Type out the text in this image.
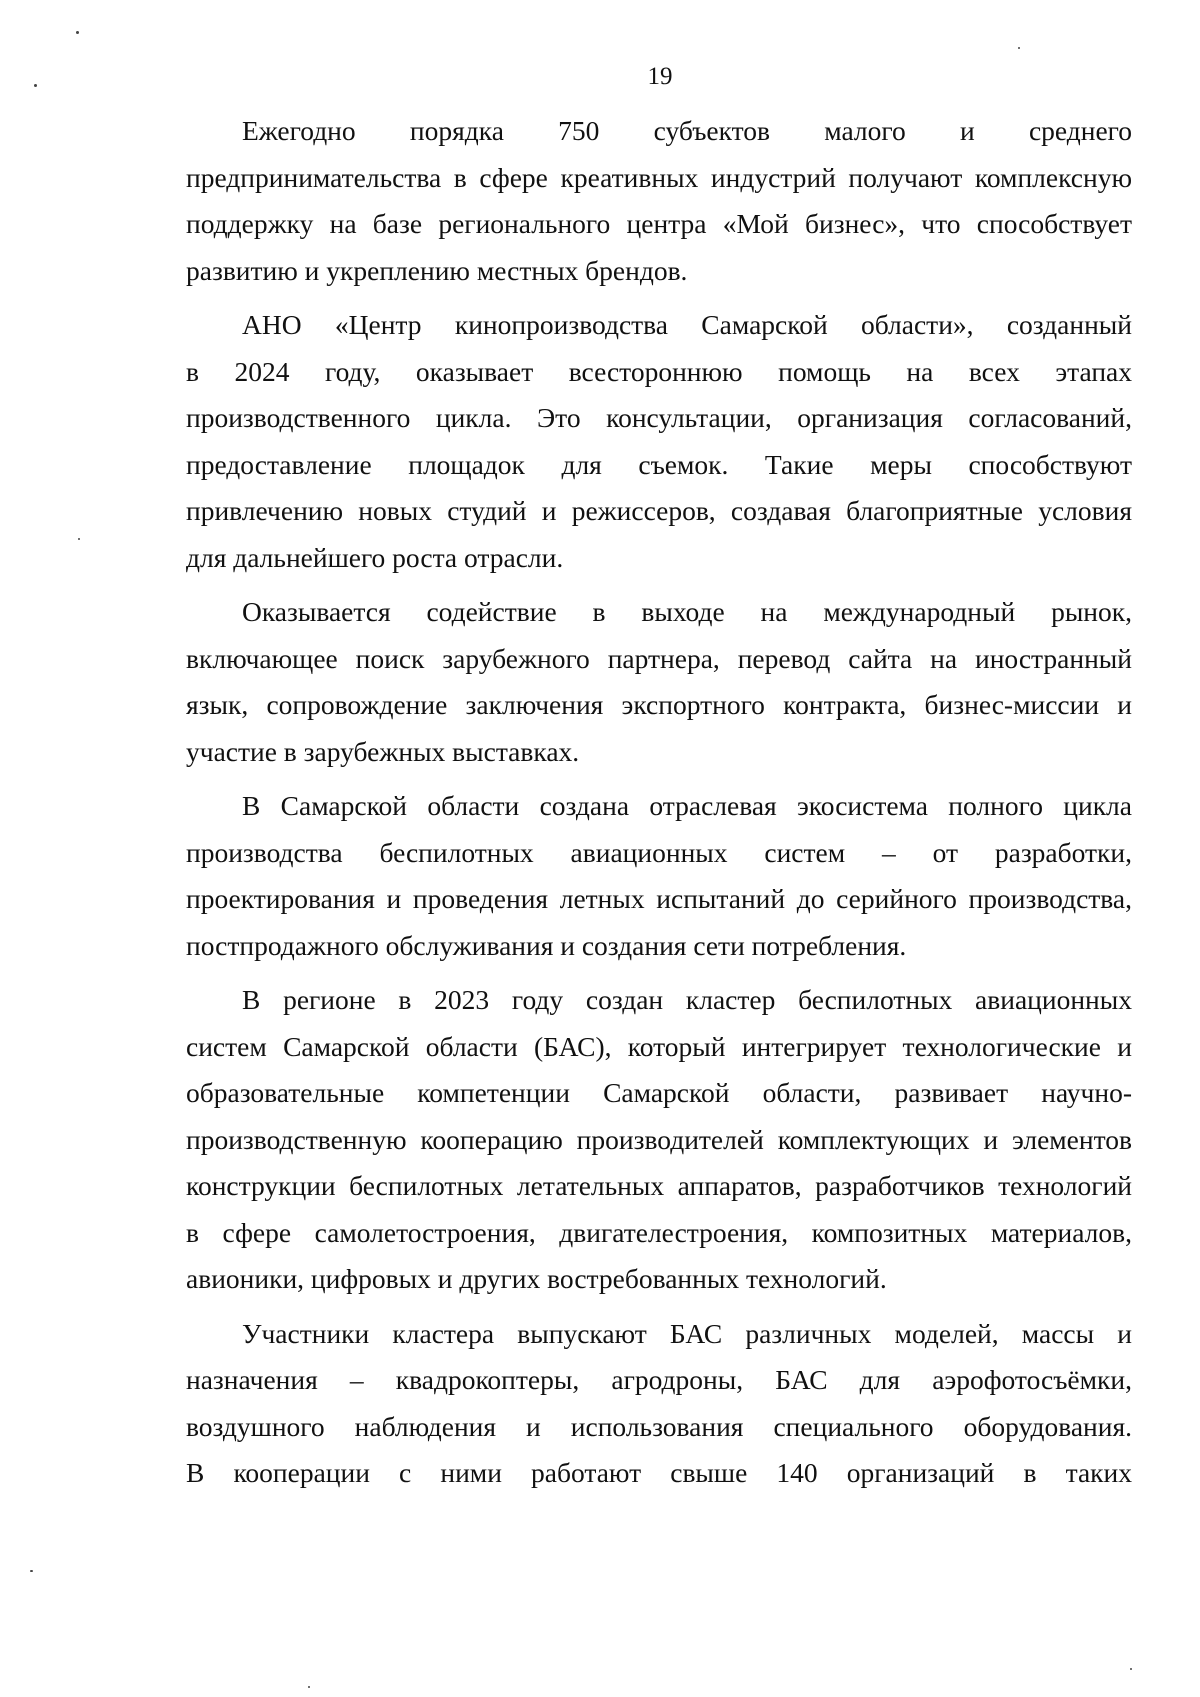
19

Ежегодно порядка 750 субъектов малого и среднего
предпринимательства в сфере креативных индустрий получают комплексную
поддержку на базе регионального центра «Мой бизнес», что способствует
развитию и укреплению местных брендов.

АНО «Центр кинопроизводства Самарской области», созданный
в 2024 году, оказывает всестороннюю помощь на всех этапах
производственного цикла. Это консультации, организация согласований,
предоставление площадок для съемок. Такие меры способствуют
привлечению новых студий и режиссеров, создавая благоприятные условия
для дальнейшего роста отрасли.

Оказывается содействие в выходе на международный рынок,
включающее поиск зарубежного партнера, перевод сайта на иностранный
язык, сопровождение заключения экспортного контракта, бизнес-миссии и
участие в зарубежных выставках.

В Самарской области создана отраслевая экосистема полного цикла
производства беспилотных авиационных систем – от разработки,
проектирования и проведения летных испытаний до серийного производства,
постпродажного обслуживания и создания сети потребления.

В регионе в 2023 году создан кластер беспилотных авиационных
систем Самарской области (БАС), который интегрирует технологические и
образовательные компетенции Самарской области, развивает научно-
производственную кооперацию производителей комплектующих и элементов
конструкции беспилотных летательных аппаратов, разработчиков технологий
в сфере самолетостроения, двигателестроения, композитных материалов,
авионики, цифровых и других востребованных технологий.

Участники кластера выпускают БАС различных моделей, массы и
назначения – квадрокоптеры, агродроны, БАС для аэрофотосъёмки,
воздушного наблюдения и использования специального оборудования.
В кооперации с ними работают свыше 140 организаций в таких
